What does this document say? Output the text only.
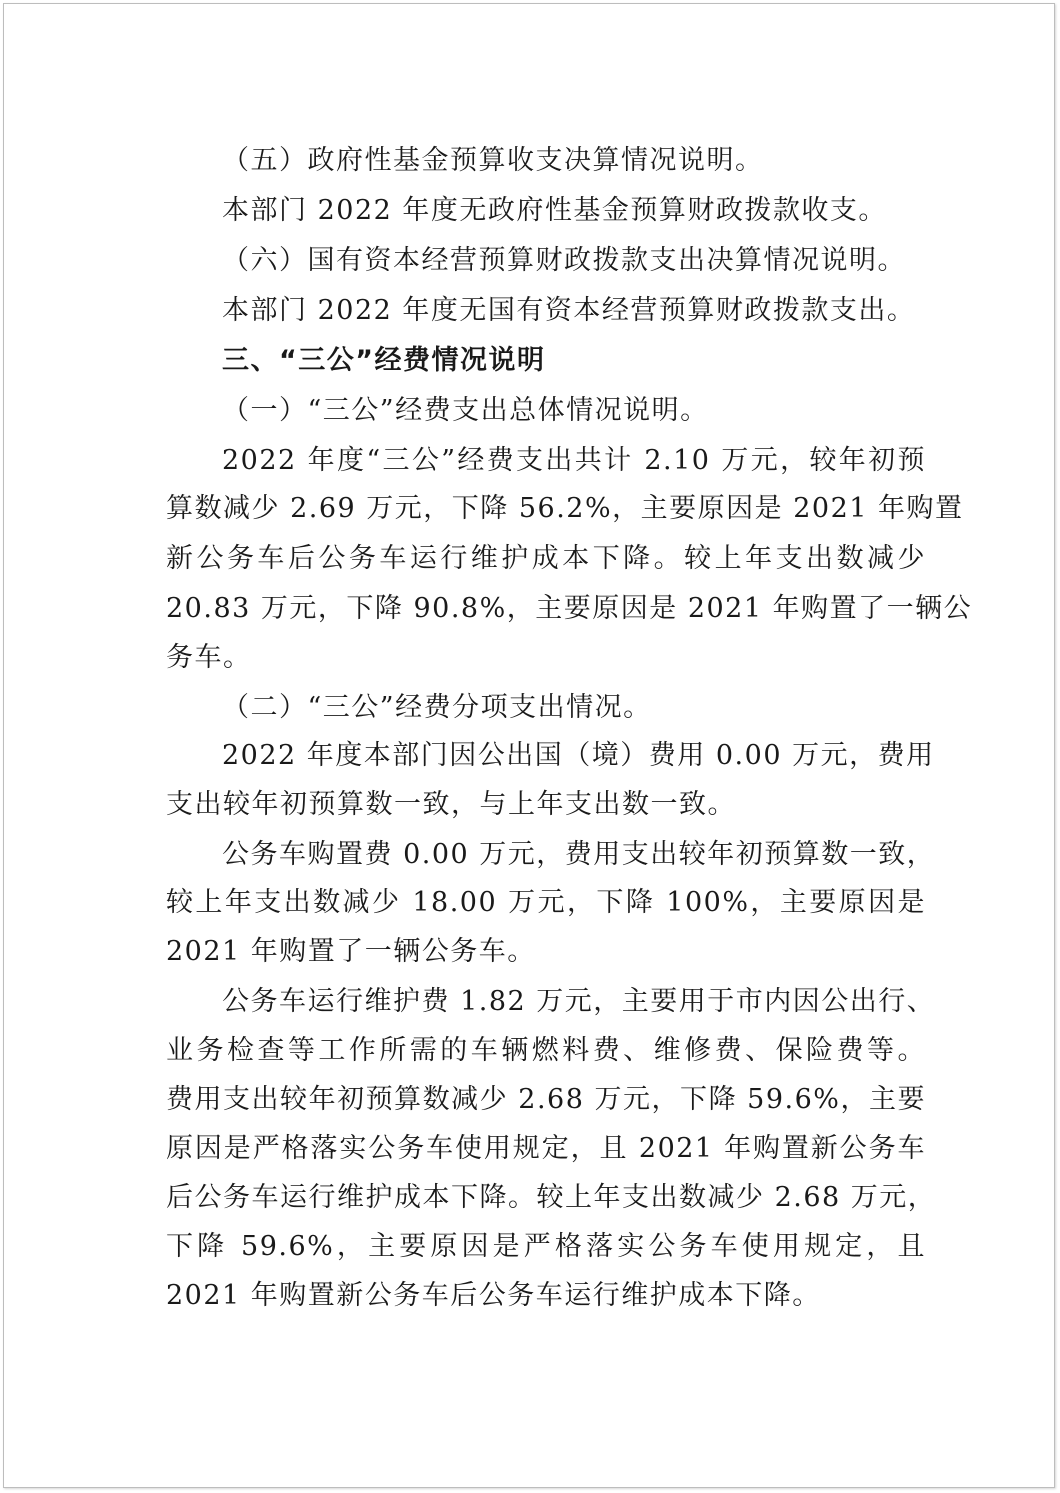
（五）政府性基金预算收支决算情况说明。
本部门 2022 年度无政府性基金预算财政拨款收支。
（六）国有资本经营预算财政拨款支出决算情况说明。
本部门 2022 年度无国有资本经营预算财政拨款支出。
三、“三公”经费情况说明
（一）“三公”经费支出总体情况说明。
2022 年度“三公”经费支出共计 2.10 万元，较年初预
算数减少 2.69 万元，下降 56.2%，主要原因是 2021 年购置
新公务车后公务车运行维护成本下降。较上年支出数减少
20.83 万元，下降 90.8%，主要原因是 2021 年购置了一辆公
务车。
（二）“三公”经费分项支出情况。
2022 年度本部门因公出国（境）费用 0.00 万元，费用
支出较年初预算数一致，与上年支出数一致。
公务车购置费 0.00 万元，费用支出较年初预算数一致，
较上年支出数减少 18.00 万元，下降 100%，主要原因是
2021 年购置了一辆公务车。
公务车运行维护费 1.82 万元，主要用于市内因公出行、
业务检查等工作所需的车辆燃料费、维修费、保险费等。
费用支出较年初预算数减少 2.68 万元，下降 59.6%，主要
原因是严格落实公务车使用规定，且 2021 年购置新公务车
后公务车运行维护成本下降。较上年支出数减少 2.68 万元，
下降 59.6%，主要原因是严格落实公务车使用规定，且
2021 年购置新公务车后公务车运行维护成本下降。
